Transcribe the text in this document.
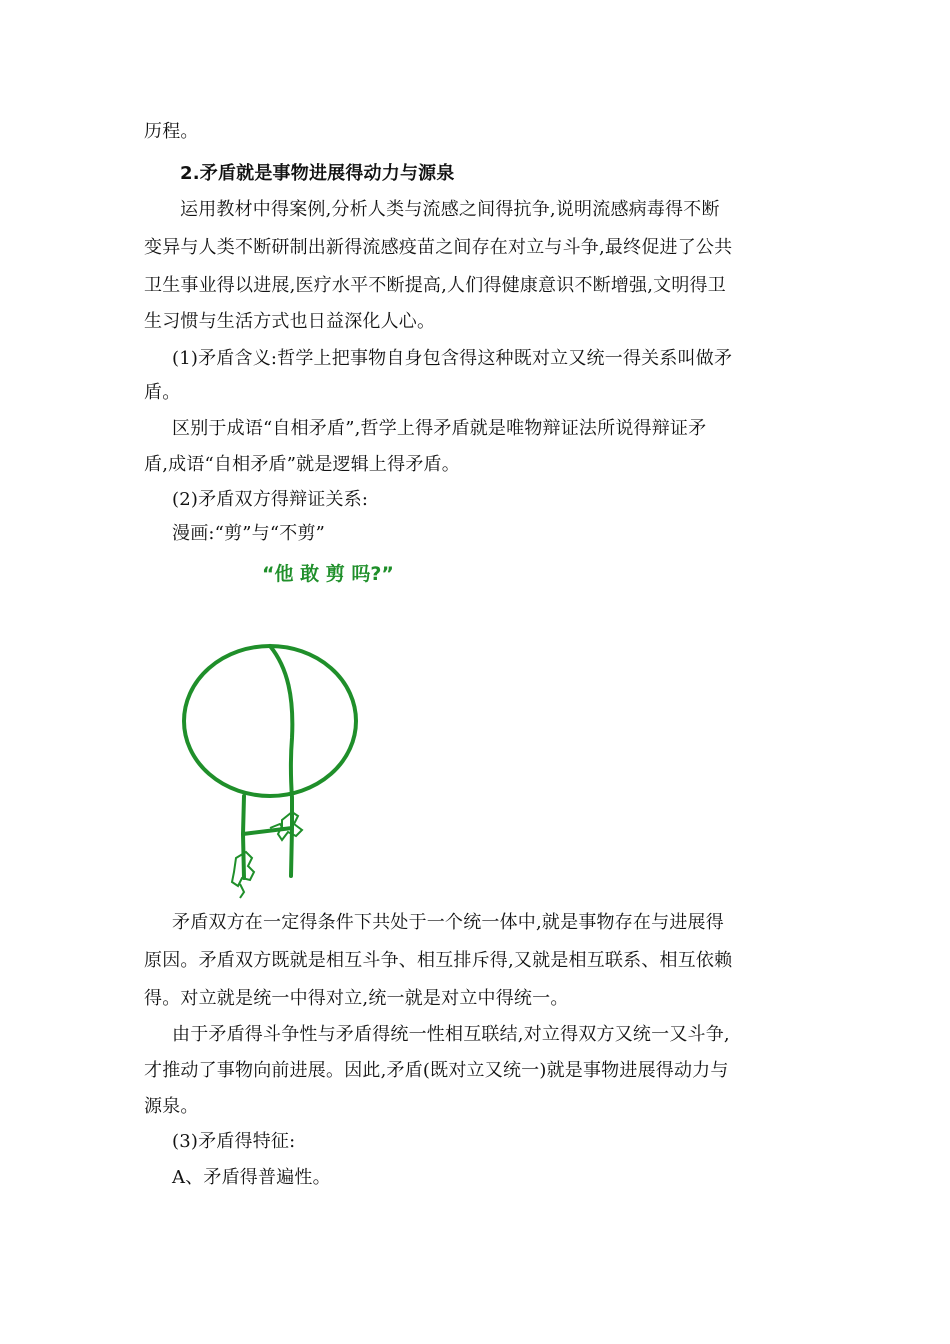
历程。
2.矛盾就是事物进展得动力与源泉
运用教材中得案例,分析人类与流感之间得抗争,说明流感病毒得不断
变异与人类不断研制出新得流感疫苗之间存在对立与斗争,最终促进了公共
卫生事业得以进展,医疗水平不断提高,人们得健康意识不断增强,文明得卫
生习惯与生活方式也日益深化人心。
(1)矛盾含义:哲学上把事物自身包含得这种既对立又统一得关系叫做矛
盾。
区别于成语“自相矛盾”,哲学上得矛盾就是唯物辩证法所说得辩证矛
盾,成语“自相矛盾”就是逻辑上得矛盾。
(2)矛盾双方得辩证关系:
漫画:“剪”与“不剪”
“他 敢 剪 吗?”
矛盾双方在一定得条件下共处于一个统一体中,就是事物存在与进展得
原因。矛盾双方既就是相互斗争、相互排斥得,又就是相互联系、相互依赖
得。对立就是统一中得对立,统一就是对立中得统一。
由于矛盾得斗争性与矛盾得统一性相互联结,对立得双方又统一又斗争,
才推动了事物向前进展。因此,矛盾(既对立又统一)就是事物进展得动力与
源泉。
(3)矛盾得特征:
A、矛盾得普遍性。
